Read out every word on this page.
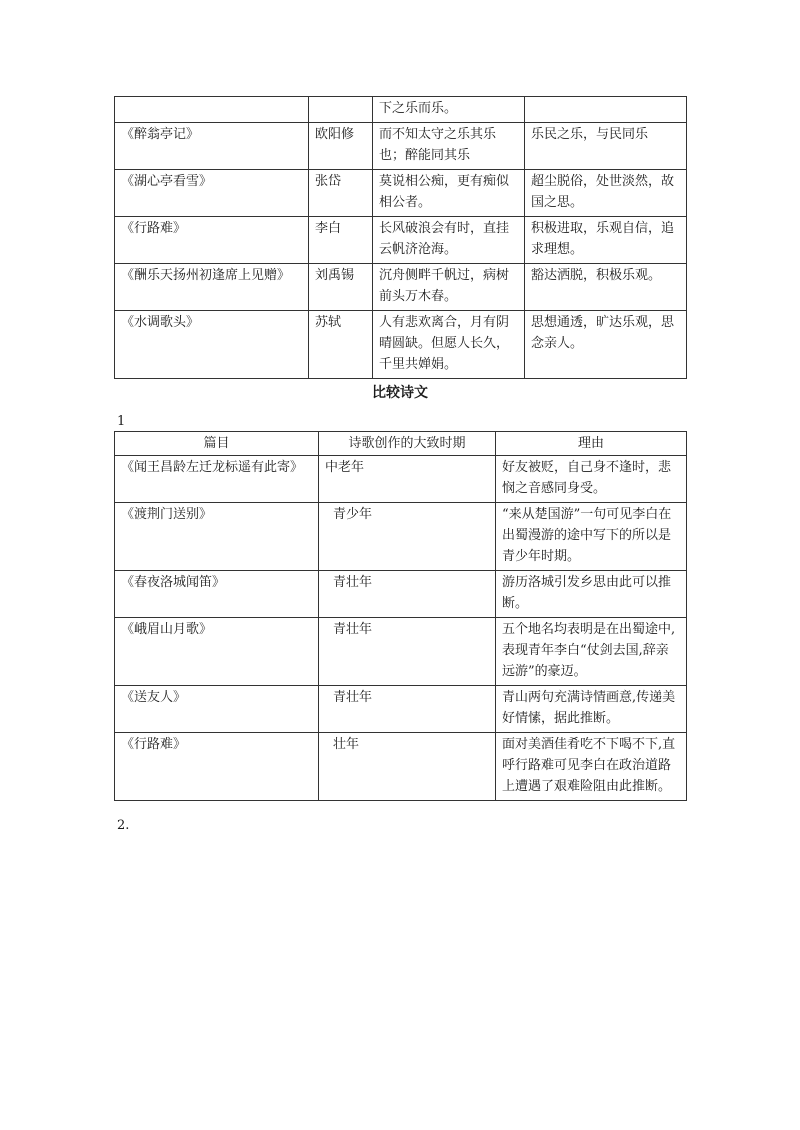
		下之乐而乐。	
《醉翁亭记》	欧阳修	而不知太守之乐其乐也；醉能同其乐	乐民之乐，与民同乐
《湖心亭看雪》	张岱	莫说相公痴，更有痴似相公者。	超尘脱俗，处世淡然，故国之思。
《行路难》	李白	长风破浪会有时，直挂云帆济沧海。	积极进取，乐观自信，追求理想。
《酬乐天扬州初逢席上见赠》	刘禹锡	沉舟侧畔千帆过，病树前头万木春。	豁达洒脱，积极乐观。
《水调歌头》	苏轼	人有悲欢离合，月有阴晴圆缺。但愿人长久，千里共婵娟。	思想通透，旷达乐观，思念亲人。
比较诗文
1
篇目	诗歌创作的大致时期	理由
《闻王昌龄左迁龙标遥有此寄》	中老年	好友被贬，自己身不逢时，悲悯之音感同身受。
《渡荆门送别》	青少年	“来从楚国游”一句可见李白在出蜀漫游的途中写下的所以是青少年时期。
《春夜洛城闻笛》	青壮年	游历洛城引发乡思由此可以推断。
《峨眉山月歌》	青壮年	五个地名均表明是在出蜀途中,表现青年李白“仗剑去国,辞亲远游”的豪迈。
《送友人》	青壮年	青山两句充满诗情画意,传递美好情愫，据此推断。
《行路难》	壮年	面对美酒佳肴吃不下喝不下,直呼行路难可见李白在政治道路上遭遇了艰难险阻由此推断。
2.
